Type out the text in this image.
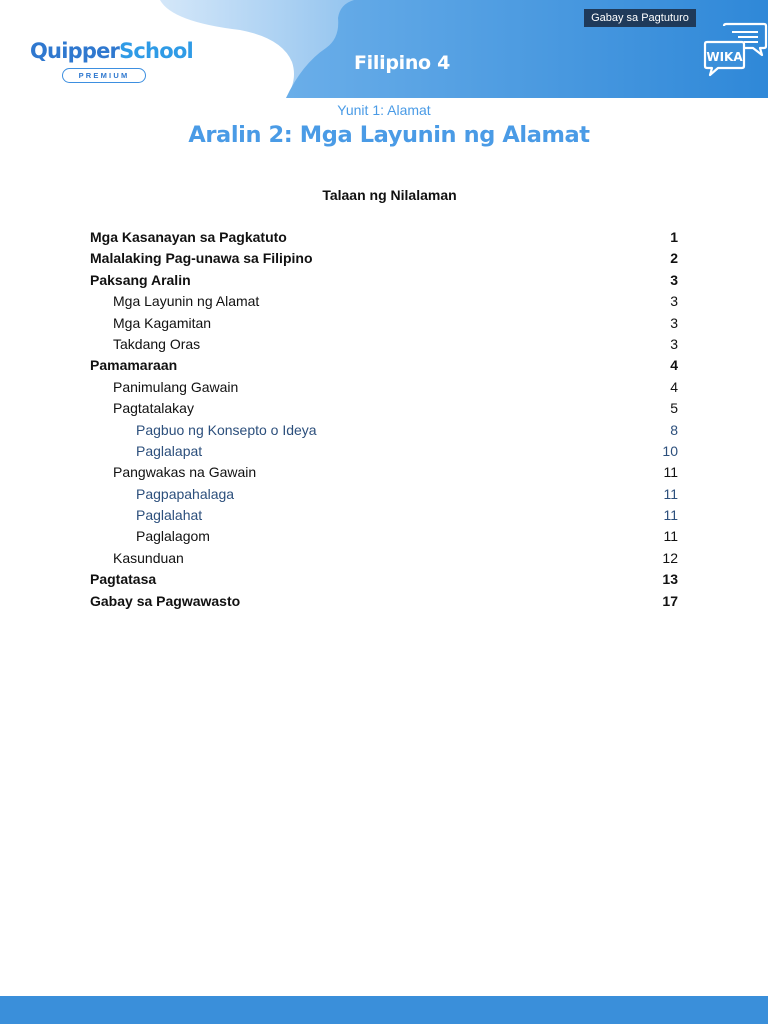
QuipperSchool
PREMIUM
Filipino 4
Gabay sa Pagtuturo
WIKA
Yunit 1: Alamat
Aralin 2: Mga Layunin ng Alamat
Talaan ng Nilalaman
Mga Kasanayan sa Pagkatuto	1
Malalaking Pag-unawa sa Filipino	2
Paksang Aralin	3
Mga Layunin ng Alamat	3
Mga Kagamitan	3
Takdang Oras	3
Pamamaraan	4
Panimulang Gawain	4
Pagtatalakay	5
Pagbuo ng Konsepto o Ideya	8
Paglalapat	10
Pangwakas na Gawain	11
Pagpapahalaga	11
Paglalahat	11
Paglalagom	11
Kasunduan	12
Pagtatasa	13
Gabay sa Pagwawasto	17
